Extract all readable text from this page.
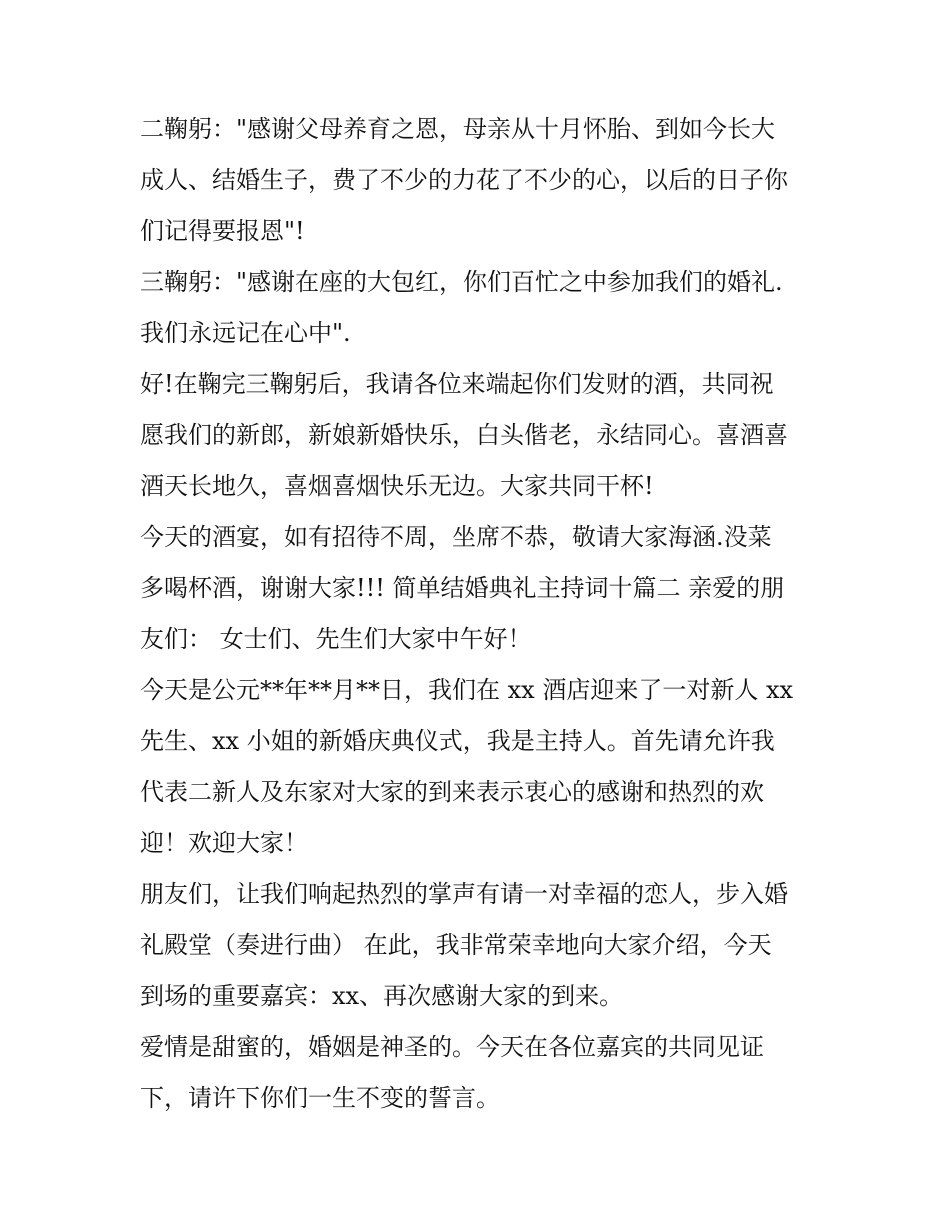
二鞠躬："感谢父母养育之恩，母亲从十月怀胎、到如今长大

成人、结婚生子，费了不少的力花了不少的心，以后的日子你

们记得要报恩"!

三鞠躬："感谢在座的大包红，你们百忙之中参加我们的婚礼.

我们永远记在心中".

好!在鞠完三鞠躬后，我请各位来端起你们发财的酒，共同祝

愿我们的新郎，新娘新婚快乐，白头偕老，永结同心。喜酒喜

酒天长地久，喜烟喜烟快乐无边。大家共同干杯!

今天的酒宴，如有招待不周，坐席不恭，敬请大家海涵.没菜

多喝杯酒，谢谢大家!!! 简单结婚典礼主持词十篇二 亲爱的朋

友们： 女士们、先生们大家中午好！

今天是公元**年**月**日，我们在 xx 酒店迎来了一对新人 xx

先生、xx 小姐的新婚庆典仪式，我是主持人。首先请允许我

代表二新人及东家对大家的到来表示衷心的感谢和热烈的欢

迎！欢迎大家！

朋友们，让我们响起热烈的掌声有请一对幸福的恋人，步入婚

礼殿堂（奏进行曲） 在此，我非常荣幸地向大家介绍，今天

到场的重要嘉宾：xx、再次感谢大家的到来。

爱情是甜蜜的，婚姻是神圣的。今天在各位嘉宾的共同见证

下，请许下你们一生不变的誓言。
